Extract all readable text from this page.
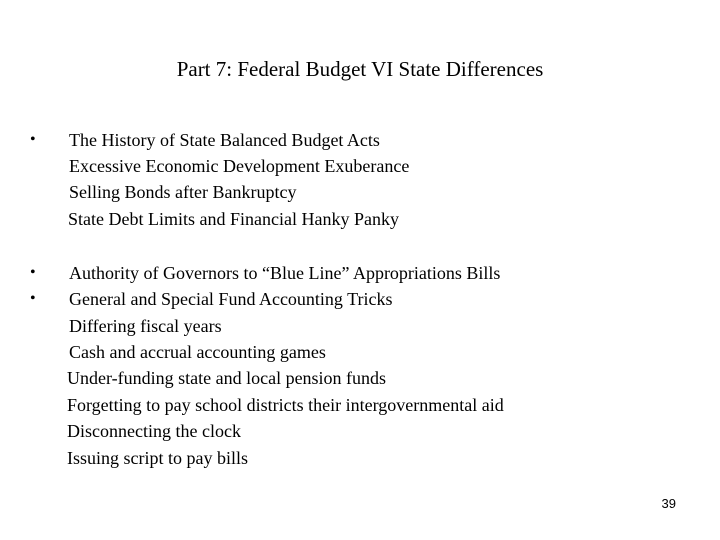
Part 7: Federal Budget VI State Differences
• The History of State Balanced Budget Acts
Excessive Economic Development Exuberance
Selling Bonds after Bankruptcy
State Debt Limits and Financial Hanky Panky
• Authority of Governors to “Blue Line” Appropriations Bills
• General and Special Fund Accounting Tricks
Differing fiscal years
Cash and accrual accounting games
Under-funding state and local pension funds
Forgetting to pay school districts their intergovernmental aid
Disconnecting the clock
Issuing script to pay bills
39
